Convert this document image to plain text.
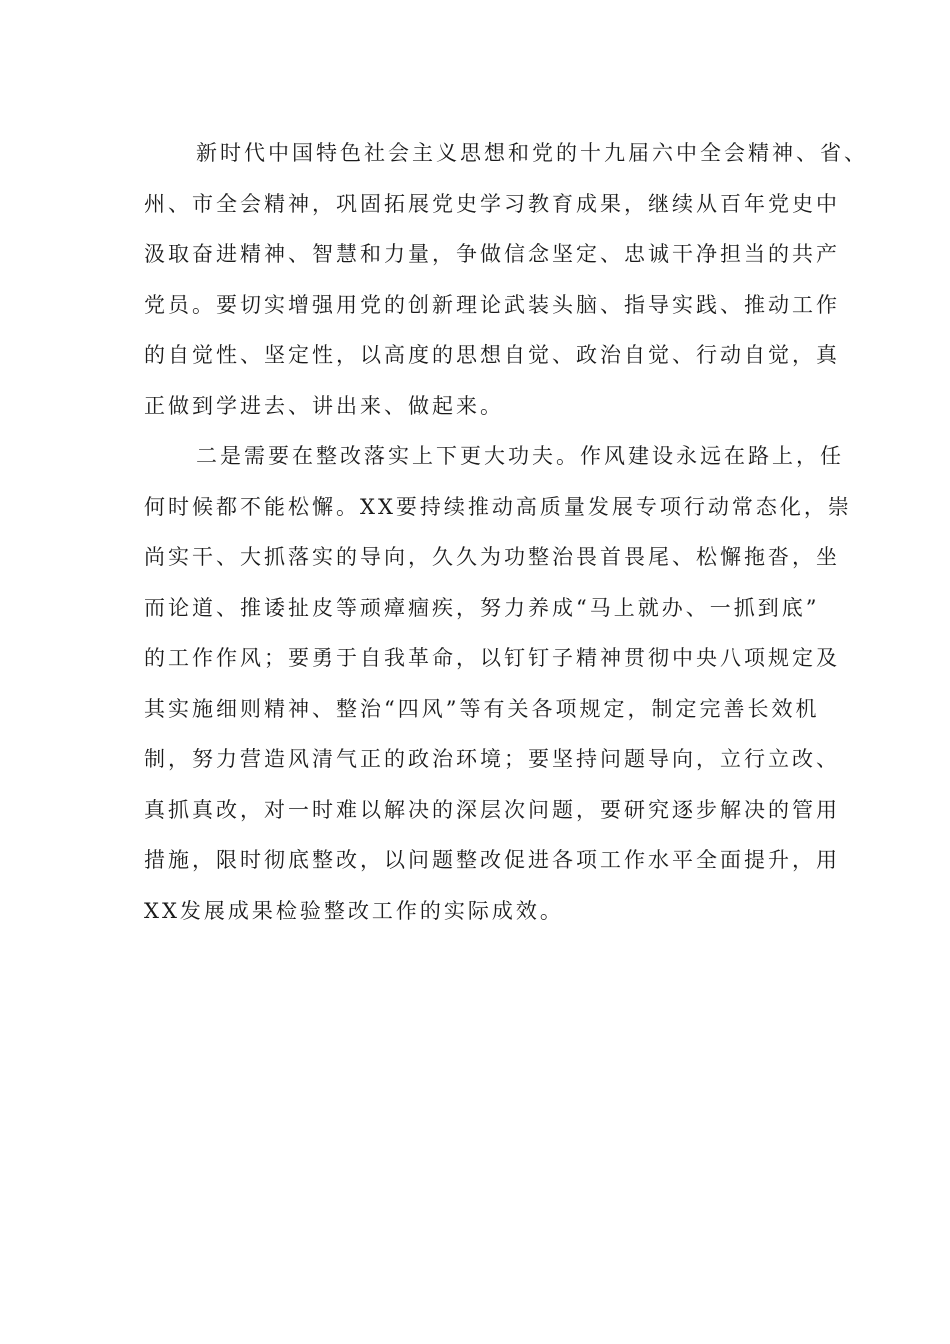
新时代中国特色社会主义思想和党的十九届六中全会精神、省、
州、市全会精神，巩固拓展党史学习教育成果，继续从百年党史中
汲取奋进精神、智慧和力量，争做信念坚定、忠诚干净担当的共产
党员。要切实增强用党的创新理论武装头脑、指导实践、推动工作
的自觉性、坚定性，以高度的思想自觉、政治自觉、行动自觉，真
正做到学进去、讲出来、做起来。
二是需要在整改落实上下更大功夫。作风建设永远在路上，任
何时候都不能松懈。XX要持续推动高质量发展专项行动常态化，崇
尚实干、大抓落实的导向，久久为功整治畏首畏尾、松懈拖沓，坐
而论道、推诿扯皮等顽瘴痼疾，努力养成“马上就办、一抓到底”
的工作作风；要勇于自我革命，以钉钉子精神贯彻中央八项规定及
其实施细则精神、整治“四风”等有关各项规定，制定完善长效机
制，努力营造风清气正的政治环境；要坚持问题导向，立行立改、
真抓真改，对一时难以解决的深层次问题，要研究逐步解决的管用
措施，限时彻底整改，以问题整改促进各项工作水平全面提升，用
XX发展成果检验整改工作的实际成效。
